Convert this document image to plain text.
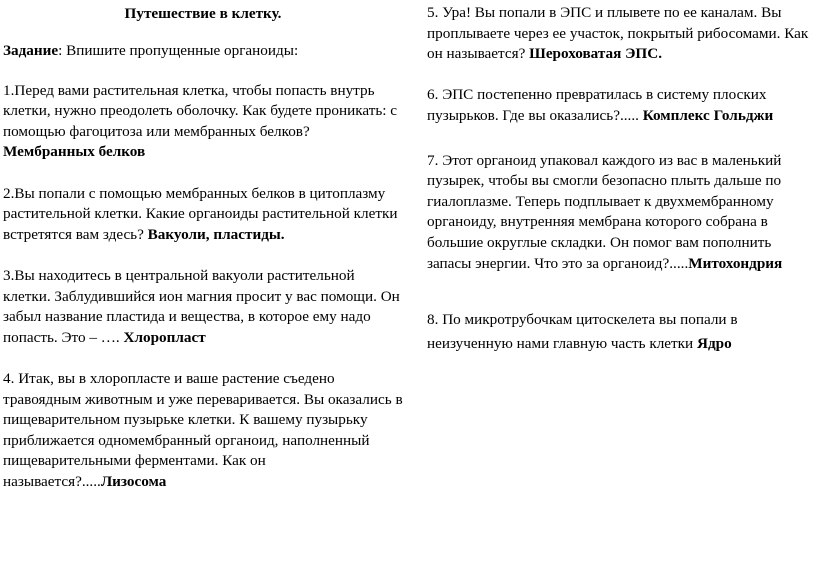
Путешествие в клетку.

Задание: Впишите пропущенные органоиды:

1.Перед вами растительная клетка, чтобы попасть внутрь клетки, нужно преодолеть оболочку. Как будете проникать: с помощью фагоцитоза или мембранных белков? Мембранных белков

2.Вы попали с помощью мембранных белков в цитоплазму растительной клетки. Какие органоиды растительной клетки встретятся вам здесь? Вакуоли, пластиды.

3.Вы находитесь в центральной вакуоли растительной клетки. Заблудившийся ион магния просит у вас помощи. Он забыл название пластида и вещества, в которое ему надо попасть. Это – …. Хлоропласт

4. Итак, вы в хлоропласте и ваше растение съедено травоядным животным и уже переваривается. Вы оказались в пищеварительном пузырьке клетки. К вашему пузырьку приближается одномембранный органоид, наполненный пищеварительными ферментами. Как он называется?.....Лизосома

5. Ура! Вы попали в ЭПС и плывете по ее каналам. Вы проплываете через ее участок, покрытый рибосомами. Как он называется? Шероховатая ЭПС.

6. ЭПС постепенно превратилась в систему плоских пузырьков. Где вы оказались?..... Комплекс Гольджи

7. Этот органоид упаковал каждого из вас в маленький пузырек, чтобы вы смогли безопасно плыть дальше по гиалоплазме. Теперь подплывает к двухмембранному органоиду, внутренняя мембрана которого собрана в большие округлые складки. Он помог вам пополнить запасы энергии. Что это за органоид?.....Митохондрия

8. По микротрубочкам цитоскелета вы попали в неизученную нами главную часть клетки Ядро
